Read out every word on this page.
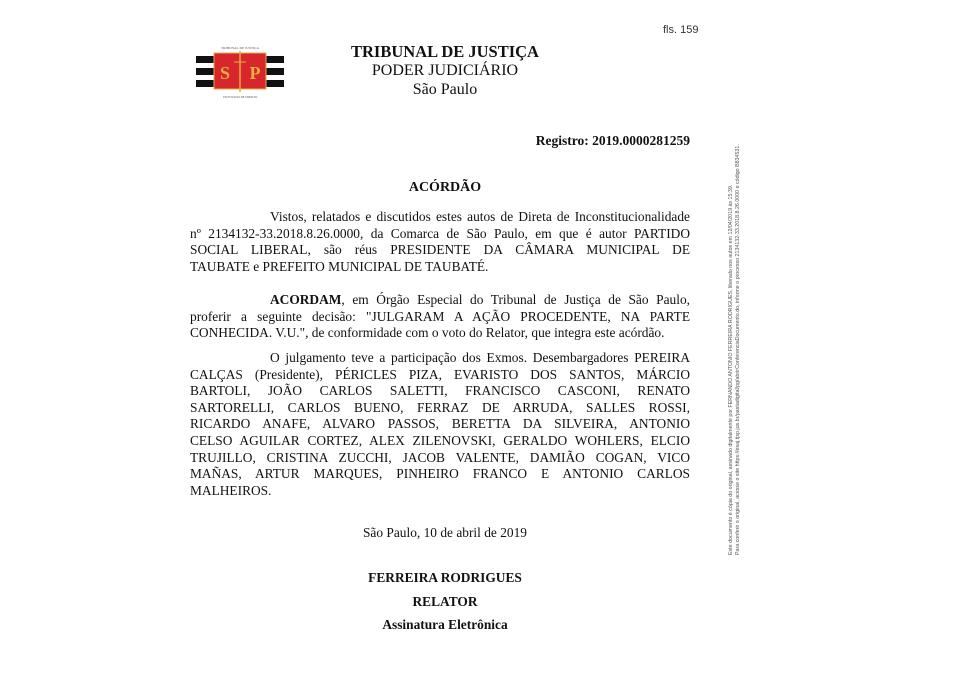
fls. 159
TRIBUNAL DE JUSTIÇA
S P
UM ESTADO DE DIREITO
TRIBUNAL DE JUSTIÇA
PODER JUDICIÁRIO
São Paulo
Registro: 2019.0000281259
ACÓRDÃO
Vistos, relatados e discutidos estes autos de Direta de Inconstitucionalidade
nº 2134132-33.2018.8.26.0000, da Comarca de São Paulo, em que é autor PARTIDO
SOCIAL LIBERAL, são réus PRESIDENTE DA CÂMARA MUNICIPAL DE
TAUBATE e PREFEITO MUNICIPAL DE TAUBATÉ.
ACORDAM, em Órgão Especial do Tribunal de Justiça de São Paulo,
proferir a seguinte decisão: "JULGARAM A AÇÃO PROCEDENTE, NA PARTE
CONHECIDA. V.U.", de conformidade com o voto do Relator, que integra este acórdão.
O julgamento teve a participação dos Exmos. Desembargadores PEREIRA
CALÇAS (Presidente), PÉRICLES PIZA, EVARISTO DOS SANTOS, MÁRCIO
BARTOLI, JOÃO CARLOS SALETTI, FRANCISCO CASCONI, RENATO
SARTORELLI, CARLOS BUENO, FERRAZ DE ARRUDA, SALLES ROSSI,
RICARDO ANAFE, ALVARO PASSOS, BERETTA DA SILVEIRA, ANTONIO
CELSO AGUILAR CORTEZ, ALEX ZILENOVSKI, GERALDO WOHLERS, ELCIO
TRUJILLO, CRISTINA ZUCCHI, JACOB VALENTE, DAMIÃO COGAN, VICO
MAÑAS, ARTUR MARQUES, PINHEIRO FRANCO E ANTONIO CARLOS
MALHEIROS.
São Paulo, 10 de abril de 2019
FERREIRA RODRIGUES
RELATOR
Assinatura Eletrônica
Este documento é cópia do original, assinado digitalmente por FERNANDO ANTONIO FERREIRA RODRIGUES, liberado nos autos em 12/04/2019 às 15:39. Para conferir o original, acesse o site https://esaj.tjsp.jus.br/pastadigital/pg/abrirConferenciaDocumento.do, informe o processo 2134132-33.2018.8.26.0000 e código B834531.
